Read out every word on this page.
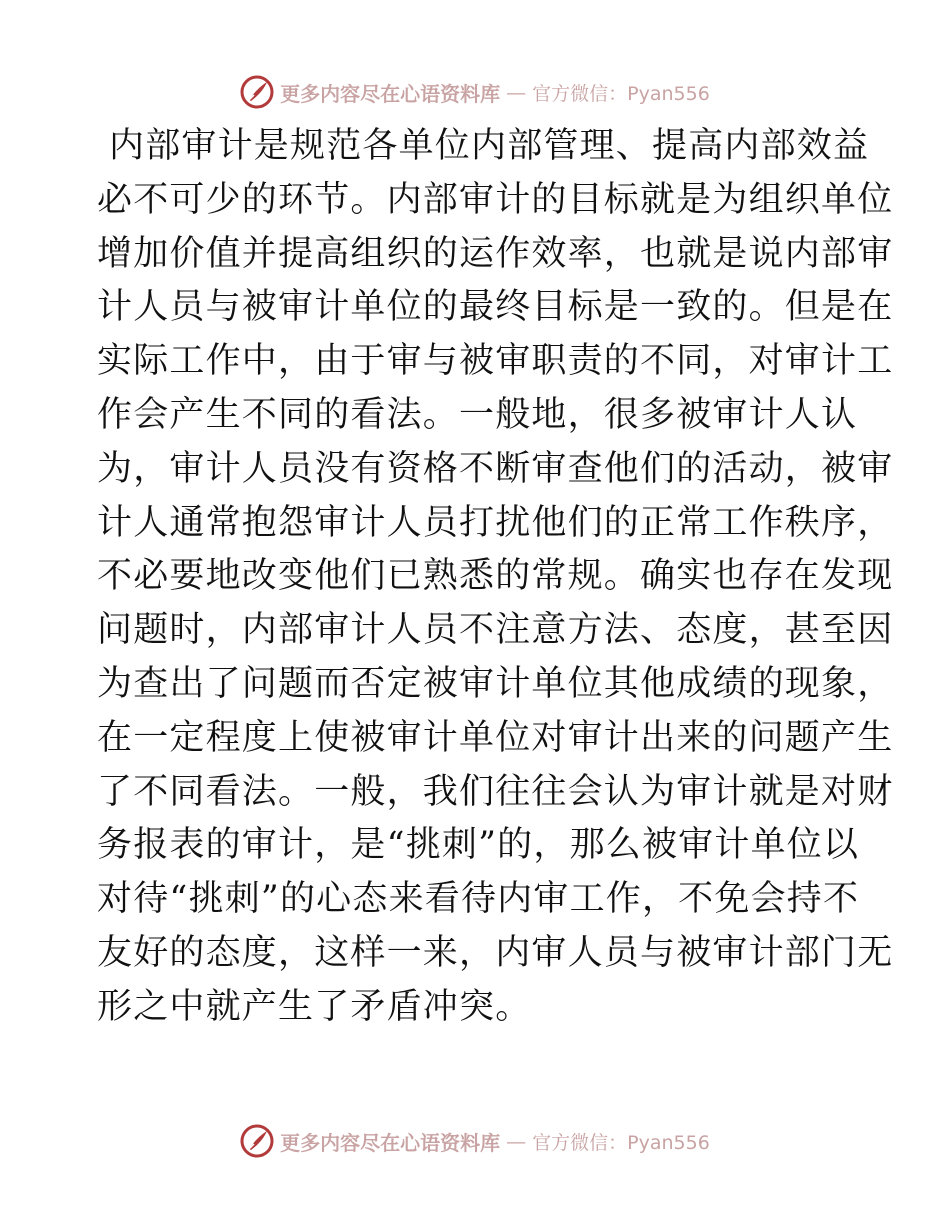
更多内容尽在心语资料库 — 官方微信：Pyan556
内部审计是规范各单位内部管理、提高内部效益
必不可少的环节。内部审计的目标就是为组织单位
增加价值并提高组织的运作效率，也就是说内部审
计人员与被审计单位的最终目标是一致的。但是在
实际工作中，由于审与被审职责的不同，对审计工
作会产生不同的看法。一般地，很多被审计人认
为，审计人员没有资格不断审查他们的活动，被审
计人通常抱怨审计人员打扰他们的正常工作秩序，
不必要地改变他们已熟悉的常规。确实也存在发现
问题时，内部审计人员不注意方法、态度，甚至因
为查出了问题而否定被审计单位其他成绩的现象，
在一定程度上使被审计单位对审计出来的问题产生
了不同看法。一般，我们往往会认为审计就是对财
务报表的审计，是“挑刺”的，那么被审计单位以
对待“挑刺”的心态来看待内审工作，不免会持不
友好的态度，这样一来，内审人员与被审计部门无
形之中就产生了矛盾冲突。
更多内容尽在心语资料库 — 官方微信：Pyan556
